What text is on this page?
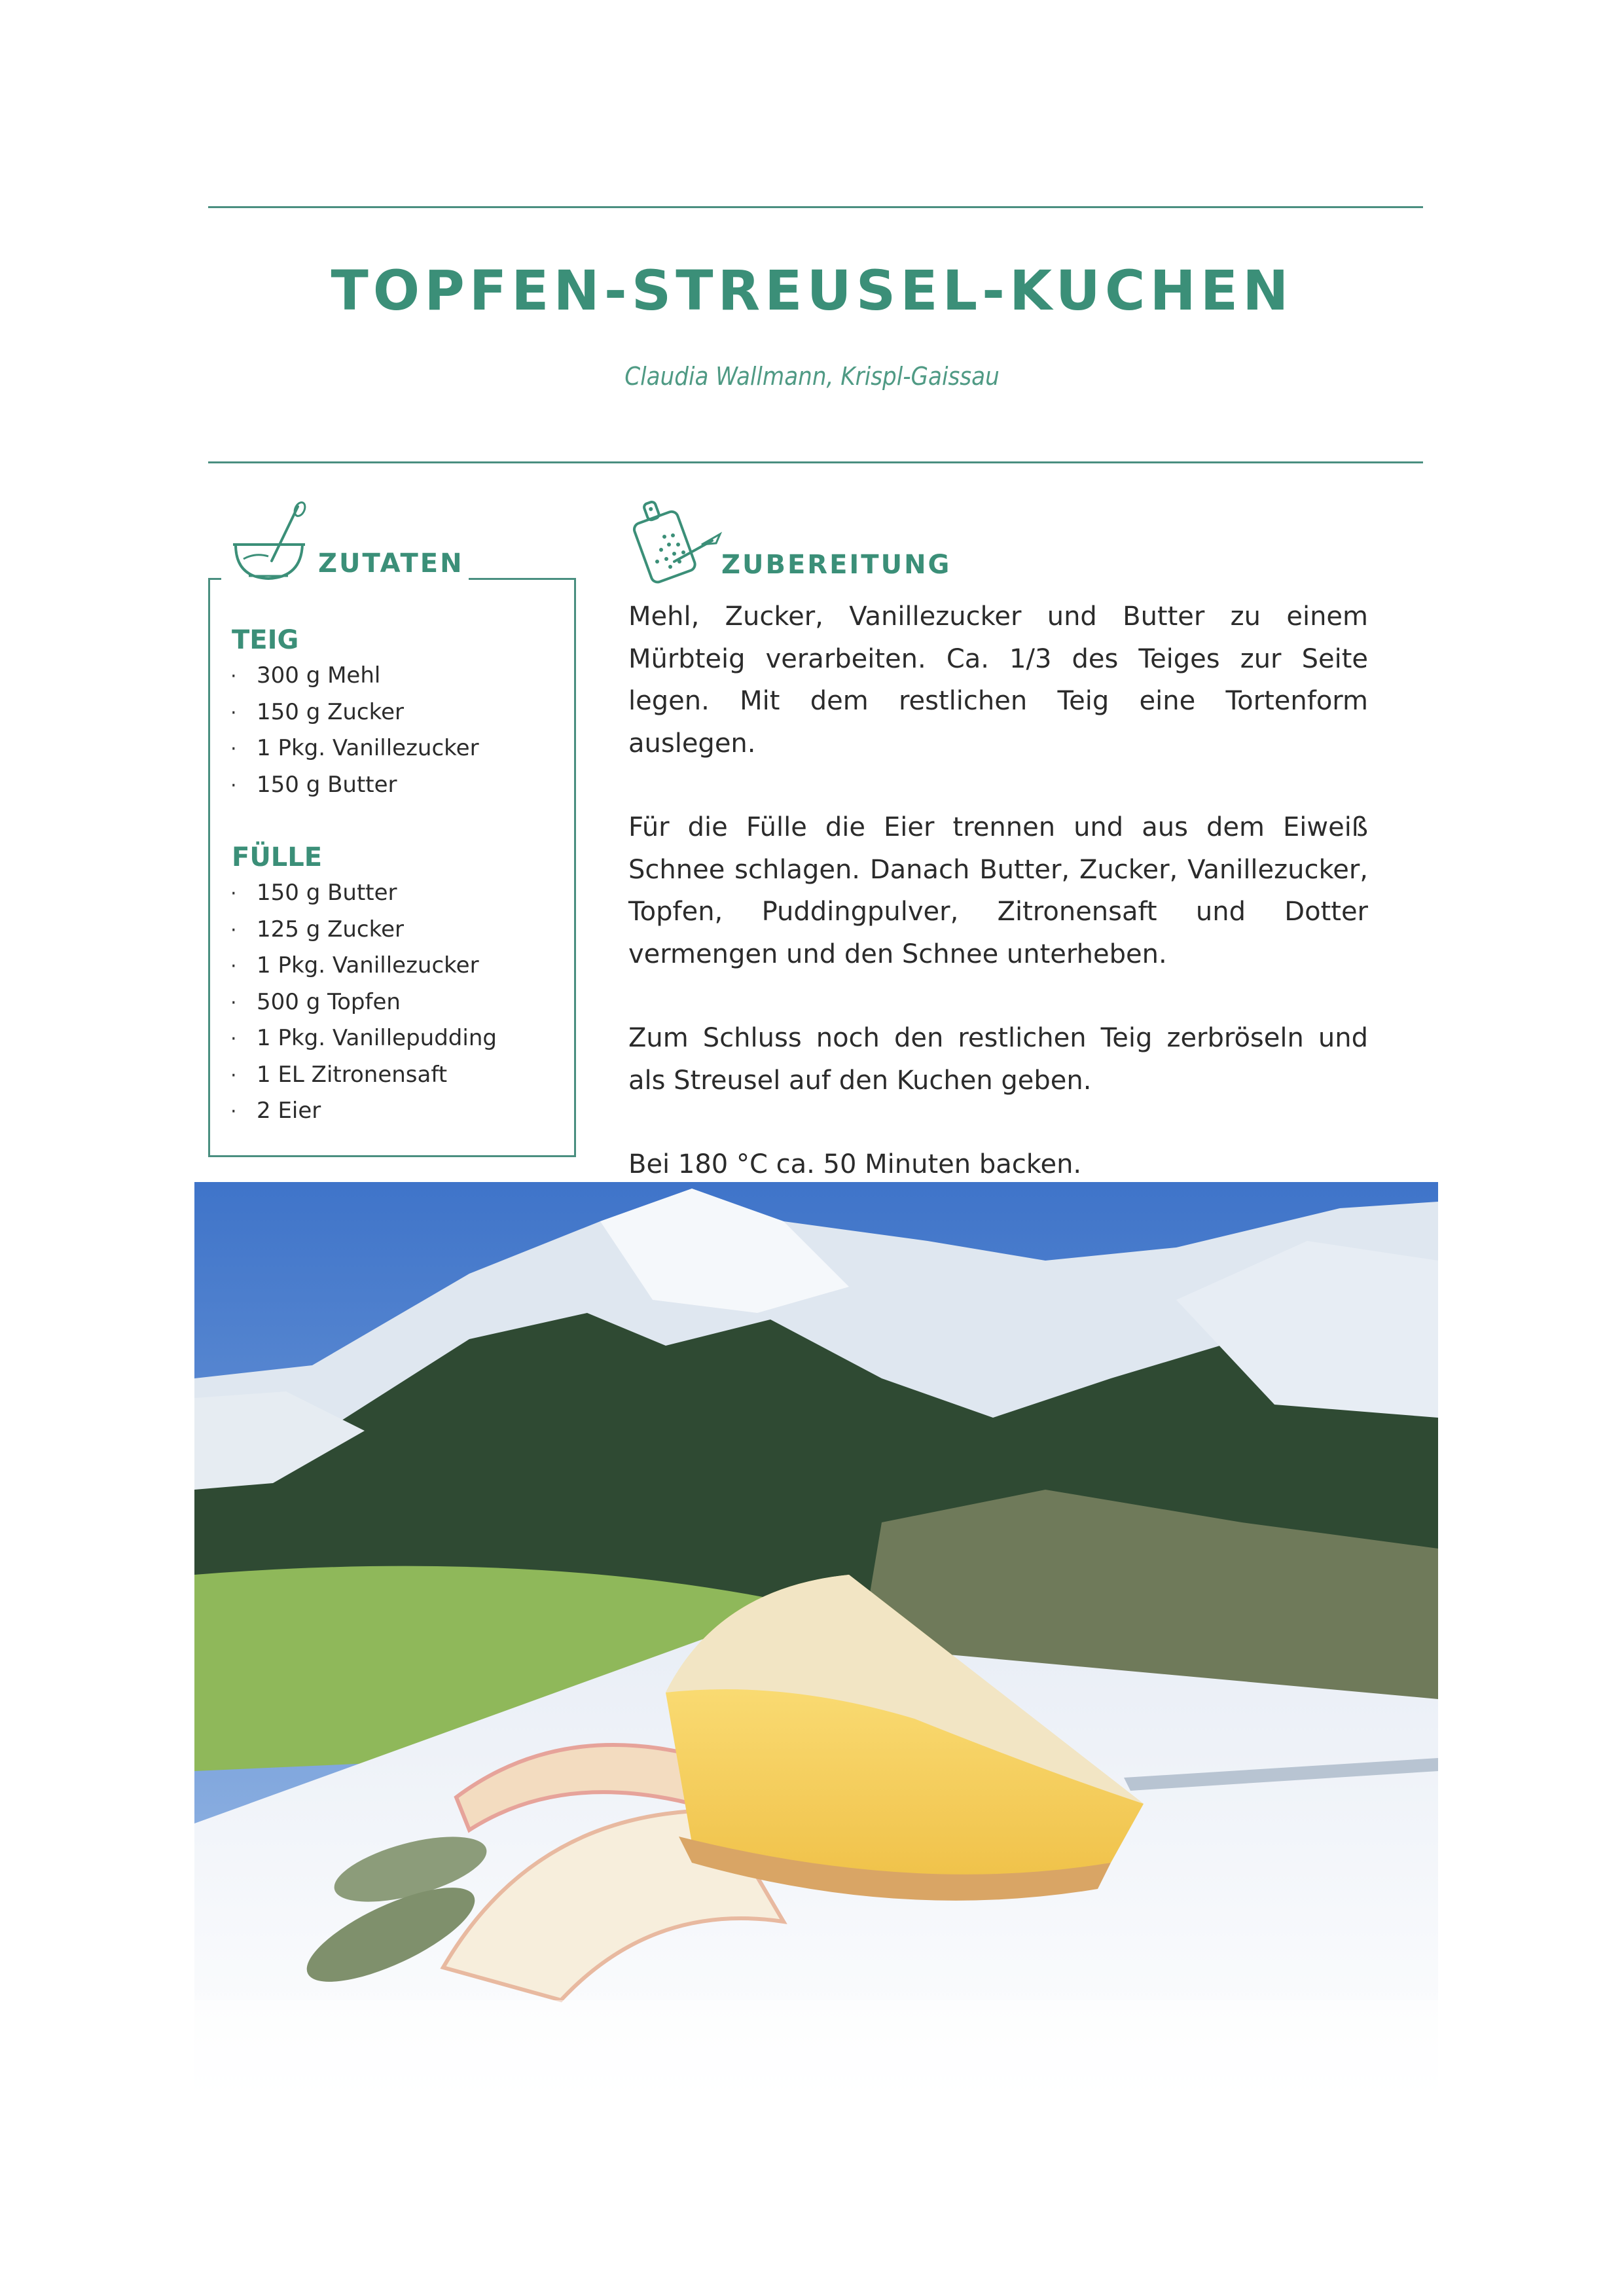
TOPFEN-STREUSEL-KUCHEN
Claudia Wallmann, Krispl-Gaissau
ZUTATEN
TEIG
· 300 g Mehl
· 150 g Zucker
· 1 Pkg. Vanillezucker
· 150 g Butter
FÜLLE
· 150 g Butter
· 125 g Zucker
· 1 Pkg. Vanillezucker
· 500 g Topfen
· 1 Pkg. Vanillepudding
· 1 EL Zitronensaft
· 2 Eier
ZUBEREITUNG

Mehl, Zucker, Vanillezucker und Butter zu einem Mürbteig verarbeiten. Ca. 1/3 des Teiges zur Seite legen. Mit dem restlichen Teig eine Tortenform auslegen.

Für die Fülle die Eier trennen und aus dem Eiweiß Schnee schlagen. Danach Butter, Zucker, Vanillezucker, Topfen, Puddingpulver, Zitronensaft und Dotter vermengen und den Schnee unterheben.

Zum Schluss noch den restlichen Teig zerbröseln und als Streusel auf den Kuchen geben.

Bei 180 °C ca. 50 Minuten backen.
